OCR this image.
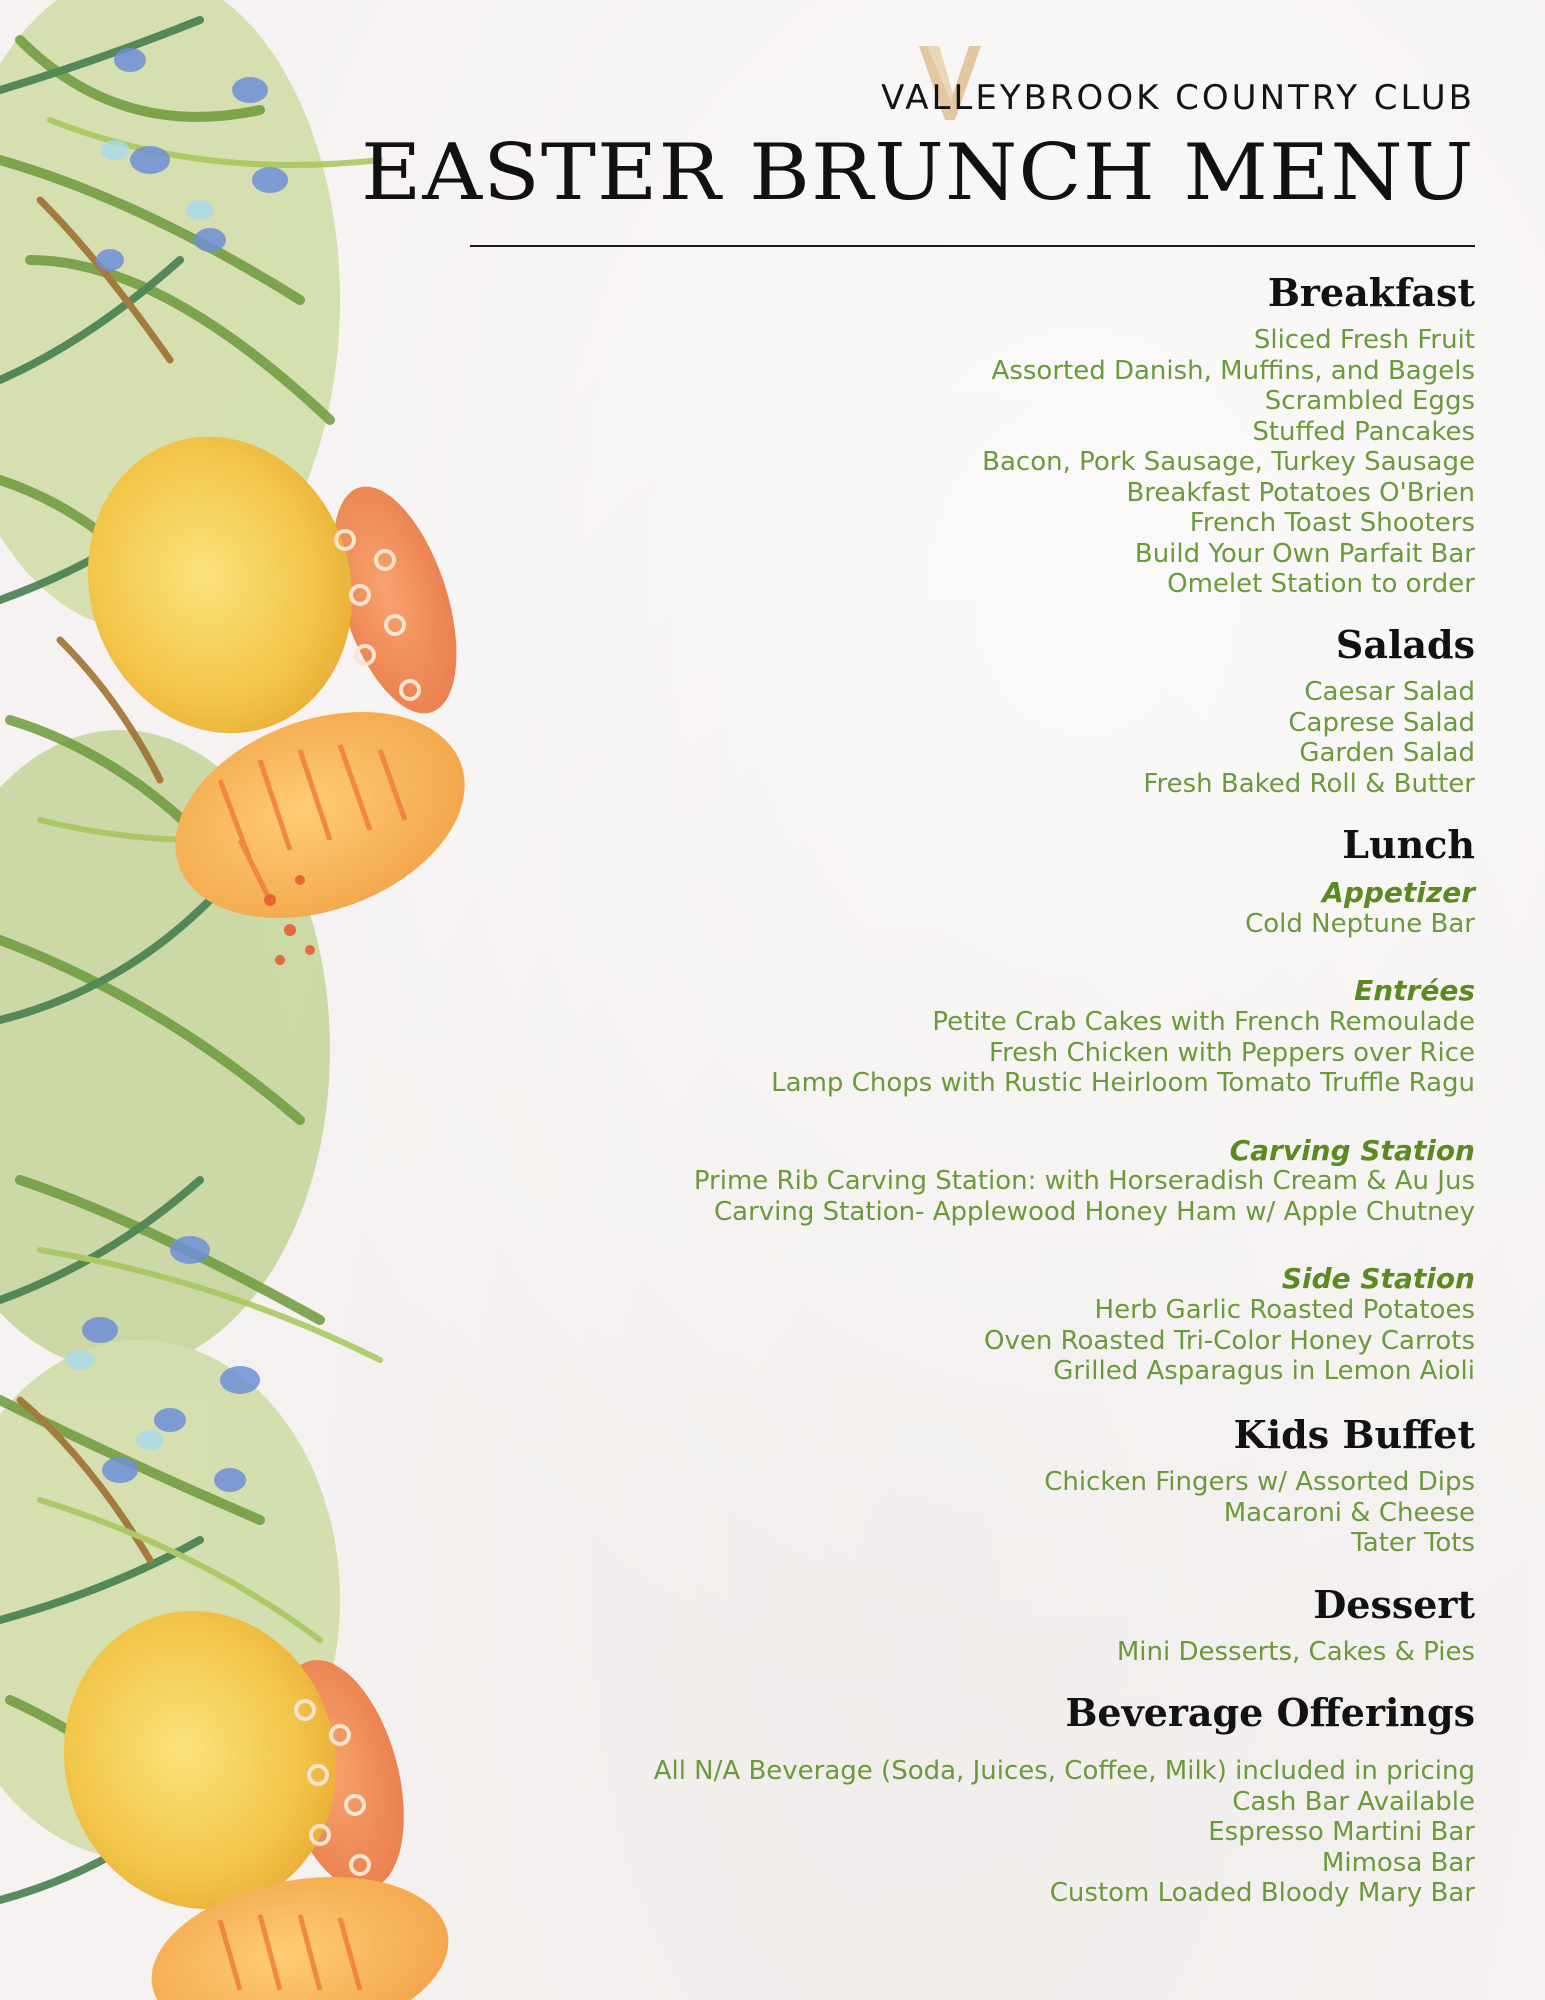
VALLEYBROOK COUNTRY CLUB
EASTER BRUNCH MENU
Breakfast
Sliced Fresh Fruit
Assorted Danish, Muffins, and Bagels
Scrambled Eggs
Stuffed Pancakes
Bacon, Pork Sausage, Turkey Sausage
Breakfast Potatoes O'Brien
French Toast Shooters
Build Your Own Parfait Bar
Omelet Station to order
Salads
Caesar Salad
Caprese Salad
Garden Salad
Fresh Baked Roll & Butter
Lunch
Appetizer
Cold Neptune Bar
Entrées
Petite Crab Cakes with French Remoulade
Fresh Chicken with Peppers over Rice
Lamp Chops with Rustic Heirloom Tomato Truffle Ragu
Carving Station
Prime Rib Carving Station: with Horseradish Cream & Au Jus
Carving Station- Applewood Honey Ham w/ Apple Chutney
Side Station
Herb Garlic Roasted Potatoes
Oven Roasted Tri-Color Honey Carrots
Grilled Asparagus in Lemon Aioli
Kids Buffet
Chicken Fingers w/ Assorted Dips
Macaroni & Cheese
Tater Tots
Dessert
Mini Desserts, Cakes & Pies
Beverage Offerings
All N/A Beverage (Soda, Juices, Coffee, Milk) included in pricing
Cash Bar Available
Espresso Martini Bar
Mimosa Bar
Custom Loaded Bloody Mary Bar
